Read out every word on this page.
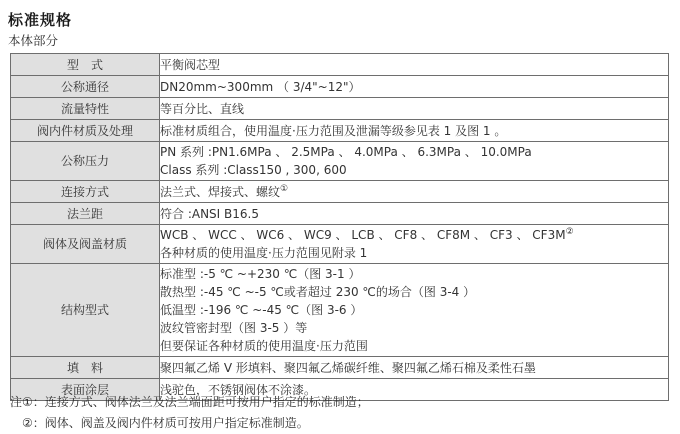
标准规格
本体部分
型　式	平衡阀芯型

公称通径	DN20mm~300mm （ 3/4"~12"）

流量特性	等百分比、直线

阀内件材质及处理	标准材质组合，使用温度·压力范围及泄漏等级参见表 1 及图 1 。

公称压力	PN 系列 :PN1.6MPa 、 2.5MPa 、 4.0MPa 、 6.3MPa 、 10.0MPa
Class 系列 :Class150 , 300, 600

连接方式	法兰式、焊接式、螺纹①
法兰距	符合 :ANSI B16.5

阀体及阀盖材质	WCB 、 WCC 、 WC6 、 WC9 、 LCB 、 CF8 、 CF8M 、 CF3 、 CF3M②
各种材质的使用温度·压力范围见附录 1

结构型式	标准型 :-5 ℃ ~+230 ℃（图 3-1 ）
散热型 :-45 ℃ ~-5 ℃或者超过 230 ℃的场合（图 3-4 ）
低温型 :-196 ℃ ~-45 ℃（图 3-6 ）
波纹管密封型（图 3-5 ）等
但要保证各种材质的使用温度·压力范围

填　料	聚四氟乙烯 V 形填料、聚四氟乙烯碳纤维、聚四氟乙烯石棉及柔性石墨

表面涂层	浅驼色，不锈钢阀体不涂漆。
注①：连接方式、阀体法兰及法兰端面距可按用户指定的标准制造；
②：阀体、阀盖及阀内件材质可按用户指定标准制造。
